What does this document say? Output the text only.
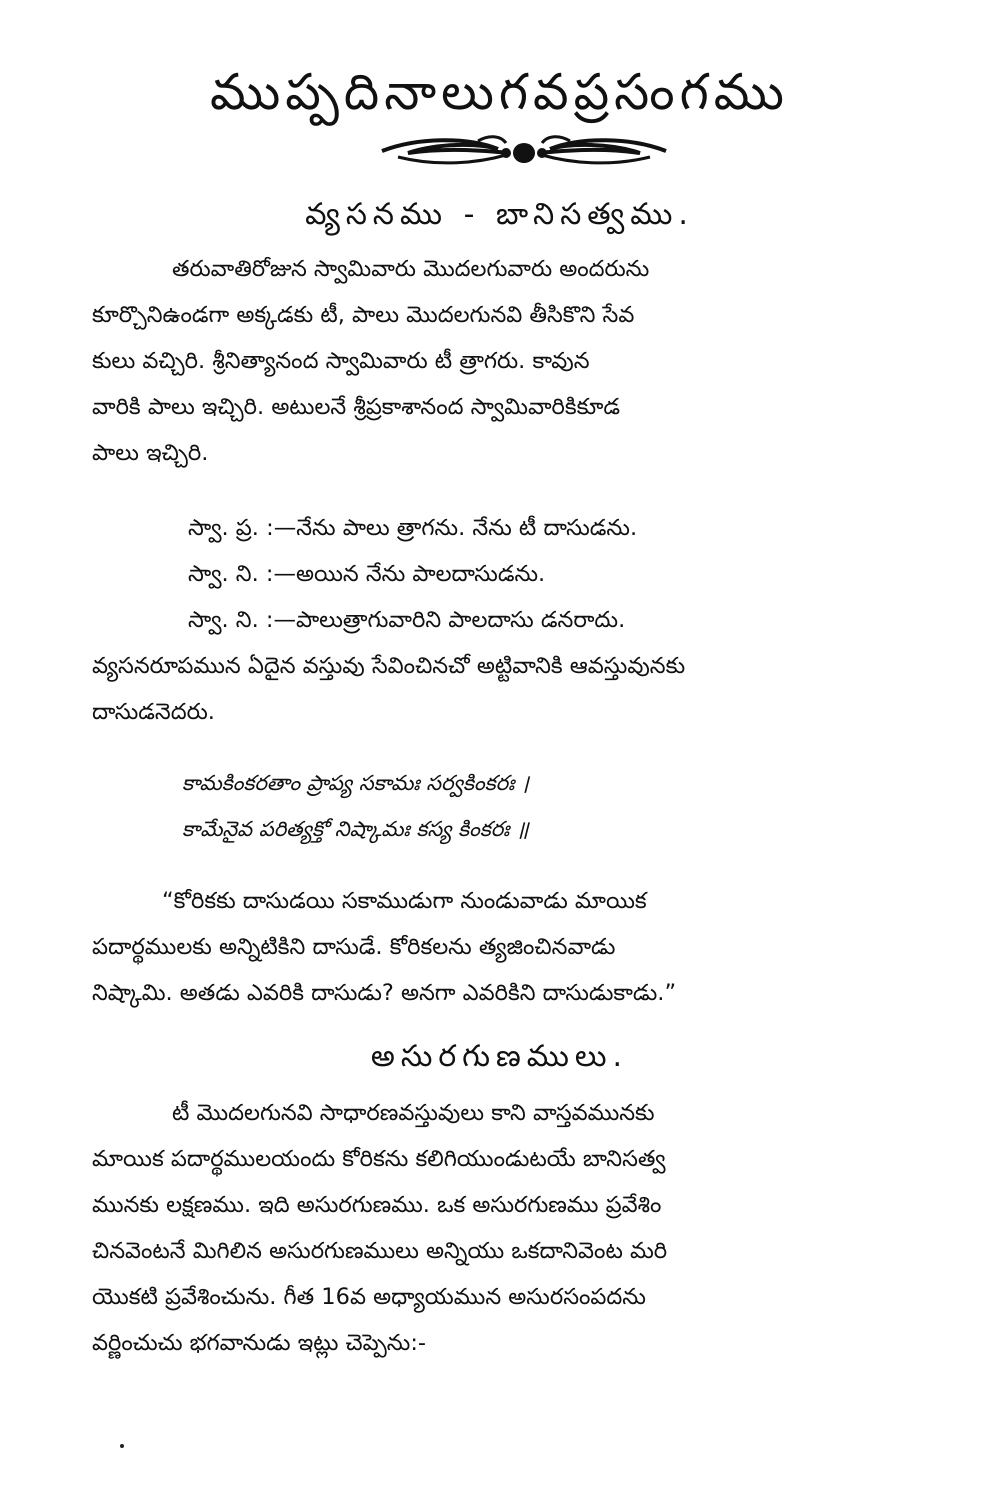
ముప్పదినాలుగవప్రసంగము
వ్యసనము - బానిసత్వము.
తరువాతిరోజున స్వామివారు మొదలగువారు అందరును
కూర్చొనిఉండగా అక్కడకు టీ, పాలు మొదలగునవి తీసికొని సేవ
కులు వచ్చిరి. శ్రీనిత్యానంద స్వామివారు టీ త్రాగరు. కావున
వారికి పాలు ఇచ్చిరి. అటులనే శ్రీప్రకాశానంద స్వామివారికికూడ
పాలు ఇచ్చిరి.
స్వా. ప్ర. :—నేను పాలు త్రాగను. నేను టీ దాసుడను.
స్వా. ని. :—అయిన నేను పాలదాసుడను.
స్వా. ని. :—పాలుత్రాగువారిని పాలదాసు డనరాదు.
వ్యసనరూపమున ఏదైన వస్తువు సేవించినచో అట్టివానికి ఆవస్తువునకు
దాసుడనెదరు.
కామకింకరతాం ప్రాప్య సకామః సర్వకింకరః ।
కామేనైవ పరిత్యక్తో నిష్కామః కస్య కింకరః ॥
“కోరికకు దాసుడయి సకాముడుగా నుండువాడు మాయిక
పదార్థములకు అన్నిటికిని దాసుడే. కోరికలను త్యజించినవాడు
నిష్కామి. అతడు ఎవరికి దాసుడు? అనగా ఎవరికిని దాసుడుకాడు.”
అసురగుణములు.
టీ మొదలగునవి సాధారణవస్తువులు కాని వాస్తవమునకు
మాయిక పదార్థములయందు కోరికను కలిగియుండుటయే బానిసత్వ
మునకు లక్షణము. ఇది అసురగుణము. ఒక అసురగుణము ప్రవేశిం
చినవెంటనే మిగిలిన అసురగుణములు అన్నియు ఒకదానివెంట మరి
యొకటి ప్రవేశించును. గీత 16వ అధ్యాయమున అసురసంపదను
వర్ణించుచు భగవానుడు ఇట్లు చెప్పెను:-
